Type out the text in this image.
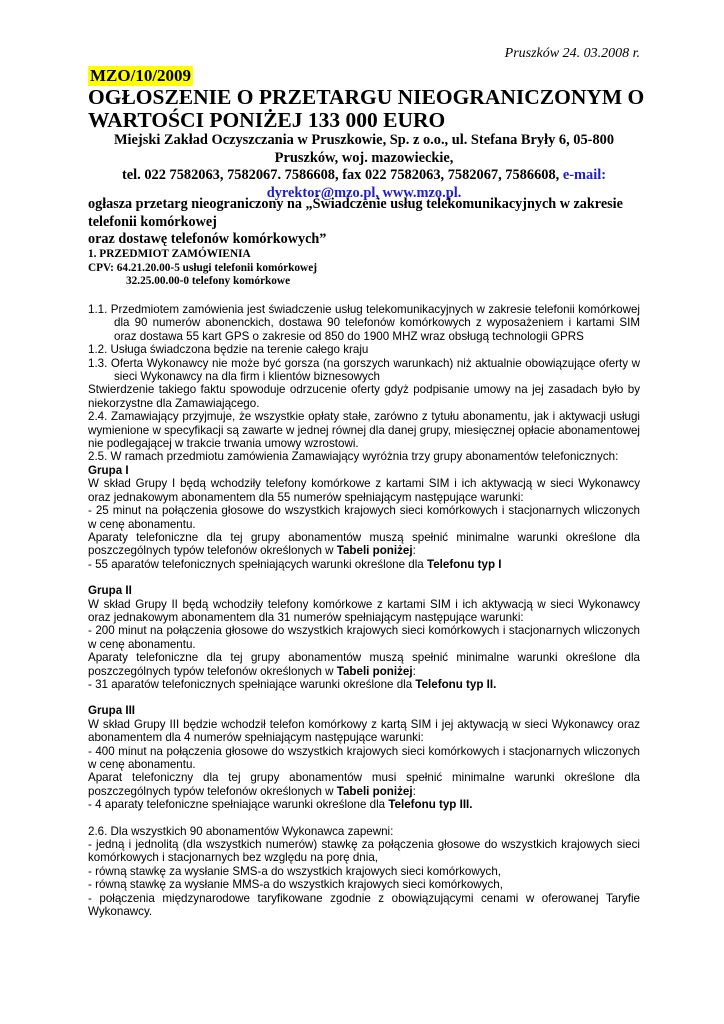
Pruszków 24. 03.2008 r.
MZO/10/2009
OGŁOSZENIE O PRZETARGU NIEOGRANICZONYM O WARTOŚCI PONIŻEJ 133 000 EURO
Miejski Zakład Oczyszczania w Pruszkowie, Sp. z o.o., ul. Stefana Bryły 6, 05-800
Pruszków, woj. mazowieckie,
tel. 022 7582063, 7582067. 7586608, fax 022 7582063, 7582067, 7586608, e-mail:
dyrektor@mzo.pl, www.mzo.pl.
ogłasza przetarg nieograniczony na „Świadczenie usług telekomunikacyjnych w zakresie telefonii komórkowej
oraz dostawę telefonów komórkowych”
1. PRZEDMIOT ZAMÓWIENIA
CPV: 64.21.20.00-5 usługi telefonii komórkowej
32.25.00.00-0 telefony komórkowe

1.1. Przedmiotem zamówienia jest świadczenie usług telekomunikacyjnych w zakresie telefonii komórkowej dla 90 numerów abonenckich, dostawa 90 telefonów komórkowych z wyposażeniem i kartami SIM oraz dostawa 55 kart GPS o zakresie od 850 do 1900 MHZ wraz obsługą technologii GPRS

1.2. Usługa świadczona będzie na terenie całego kraju

1.3. Oferta Wykonawcy nie może być gorsza (na gorszych warunkach) niż aktualnie obowiązujące oferty w sieci Wykonawcy na dla firm i klientów biznesowych

Stwierdzenie takiego faktu spowoduje odrzucenie oferty gdyż podpisanie umowy na jej zasadach było by niekorzystne dla Zamawiającego.

2.4. Zamawiający przyjmuje, że wszystkie opłaty stałe, zarówno z tytułu abonamentu, jak i aktywacji usługi wymienione w specyfikacji są zawarte w jednej równej dla danej grupy, miesięcznej opłacie abonamentowej nie podlegającej w trakcie trwania umowy wzrostowi.

2.5. W ramach przedmiotu zamówienia Zamawiający wyróżnia trzy grupy abonamentów telefonicznych:

Grupa I

W skład Grupy I będą wchodziły telefony komórkowe z kartami SIM i ich aktywacją w sieci Wykonawcy oraz jednakowym abonamentem dla 55 numerów spełniającym następujące warunki:

- 25 minut na połączenia głosowe do wszystkich krajowych sieci komórkowych i stacjonarnych wliczonych w cenę abonamentu.

Aparaty telefoniczne dla tej grupy abonamentów muszą spełnić minimalne warunki określone dla poszczególnych typów telefonów określonych w Tabeli poniżej:

- 55 aparatów telefonicznych spełniających warunki określone dla Telefonu typ I

Grupa II

W skład Grupy II będą wchodziły telefony komórkowe z kartami SIM i ich aktywacją w sieci Wykonawcy oraz jednakowym abonamentem dla 31 numerów spełniającym następujące warunki:

- 200 minut na połączenia głosowe do wszystkich krajowych sieci komórkowych i stacjonarnych wliczonych w cenę abonamentu.

Aparaty telefoniczne dla tej grupy abonamentów muszą spełnić minimalne warunki określone dla poszczególnych typów telefonów określonych w Tabeli poniżej:

- 31 aparatów telefonicznych spełniające warunki określone dla Telefonu typ II.

Grupa III

W skład Grupy III będzie wchodził telefon komórkowy z kartą SIM i jej aktywacją w sieci Wykonawcy oraz abonamentem dla 4 numerów spełniającym następujące warunki:

- 400 minut na połączenia głosowe do wszystkich krajowych sieci komórkowych i stacjonarnych wliczonych w cenę abonamentu.

Aparat telefoniczny dla tej grupy abonamentów musi spełnić minimalne warunki określone dla poszczególnych typów telefonów określonych w Tabeli poniżej:

- 4 aparaty telefoniczne spełniające warunki określone dla Telefonu typ III.

2.6. Dla wszystkich 90 abonamentów Wykonawca zapewni:

- jedną i jednolitą (dla wszystkich numerów) stawkę za połączenia głosowe do wszystkich krajowych sieci komórkowych i stacjonarnych bez względu na porę dnia,

- równą stawkę za wysłanie SMS-a do wszystkich krajowych sieci komórkowych,

- równą stawkę za wysłanie MMS-a do wszystkich krajowych sieci komórkowych,

- połączenia międzynarodowe taryfikowane zgodnie z obowiązującymi cenami w oferowanej Taryfie Wykonawcy.
